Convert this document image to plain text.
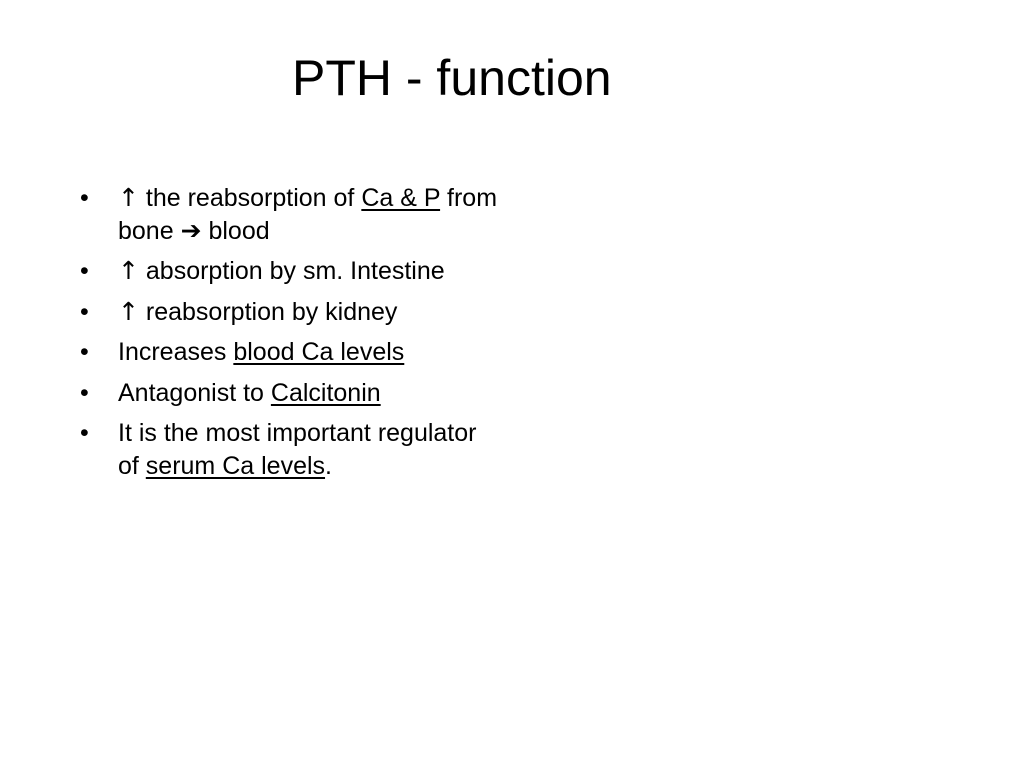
PTH - function
•	↑ the reabsorption of Ca & P from bone ➔ blood
•	↑ absorption by sm. Intestine
•	↑ reabsorption by kidney
•	Increases blood Ca levels
•	Antagonist to Calcitonin
•	It is the most important regulator of serum Ca levels.
